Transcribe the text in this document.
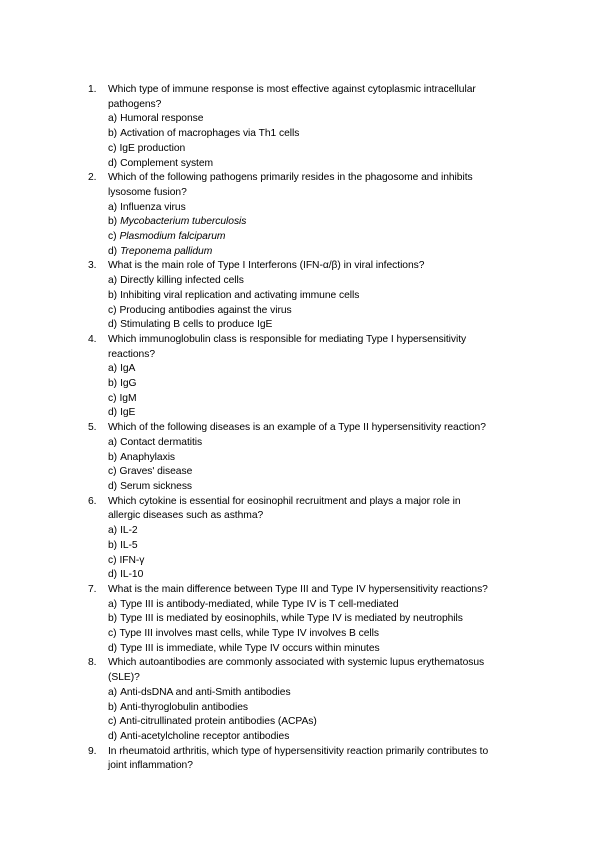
1.	Which type of immune response is most effective against cytoplasmic intracellular
pathogens?
a) Humoral response
b) Activation of macrophages via Th1 cells
c) IgE production
d) Complement system
2.	Which of the following pathogens primarily resides in the phagosome and inhibits
lysosome fusion?
a) Influenza virus
b) Mycobacterium tuberculosis
c) Plasmodium falciparum
d) Treponema pallidum
3.	What is the main role of Type I Interferons (IFN-α/β) in viral infections?
a) Directly killing infected cells
b) Inhibiting viral replication and activating immune cells
c) Producing antibodies against the virus
d) Stimulating B cells to produce IgE
4.	Which immunoglobulin class is responsible for mediating Type I hypersensitivity
reactions?
a) IgA
b) IgG
c) IgM
d) IgE
5.	Which of the following diseases is an example of a Type II hypersensitivity reaction?
a) Contact dermatitis
b) Anaphylaxis
c) Graves' disease
d) Serum sickness
6.	Which cytokine is essential for eosinophil recruitment and plays a major role in
allergic diseases such as asthma?
a) IL-2
b) IL-5
c) IFN-γ
d) IL-10
7.	What is the main difference between Type III and Type IV hypersensitivity reactions?
a) Type III is antibody-mediated, while Type IV is T cell-mediated
b) Type III is mediated by eosinophils, while Type IV is mediated by neutrophils
c) Type III involves mast cells, while Type IV involves B cells
d) Type III is immediate, while Type IV occurs within minutes
8.	Which autoantibodies are commonly associated with systemic lupus erythematosus
(SLE)?
a) Anti-dsDNA and anti-Smith antibodies
b) Anti-thyroglobulin antibodies
c) Anti-citrullinated protein antibodies (ACPAs)
d) Anti-acetylcholine receptor antibodies
9.	In rheumatoid arthritis, which type of hypersensitivity reaction primarily contributes to
joint inflammation?
